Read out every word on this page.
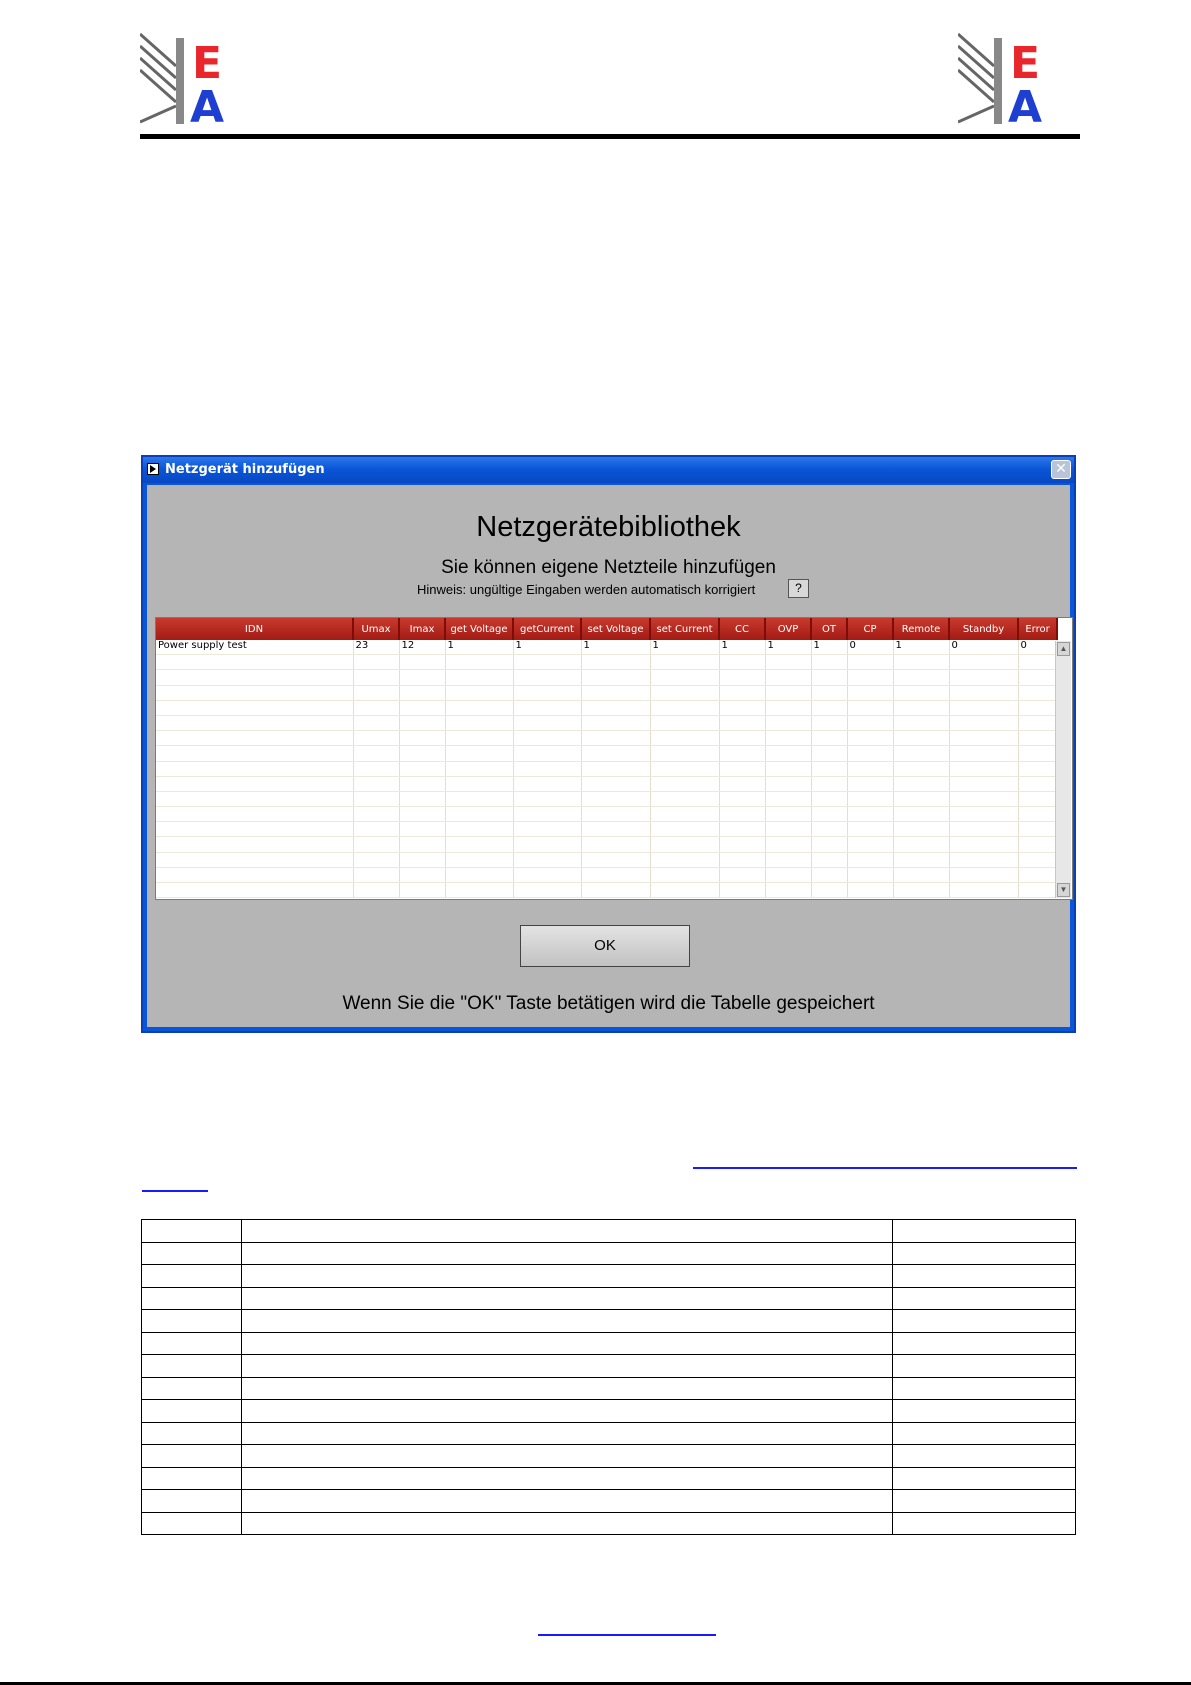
E
A
E
A
Netzgerät hinzufügen	✕
Netzgerätebibliothek
Sie können eigene Netzteile hinzufügen
Hinweis: ungültige Eingaben werden automatisch korrigiert	?
IDN	Umax	Imax	get Voltage	getCurrent	set Voltage	set Current	CC	OVP	OT	CP	Remote	Standby	Error
Power supply test	23	12	1	1	1	1	1	1	1	0	1	0	0

														▲
▼
OK
Wenn Sie die "OK" Taste betätigen wird die Tabelle gespeichert
